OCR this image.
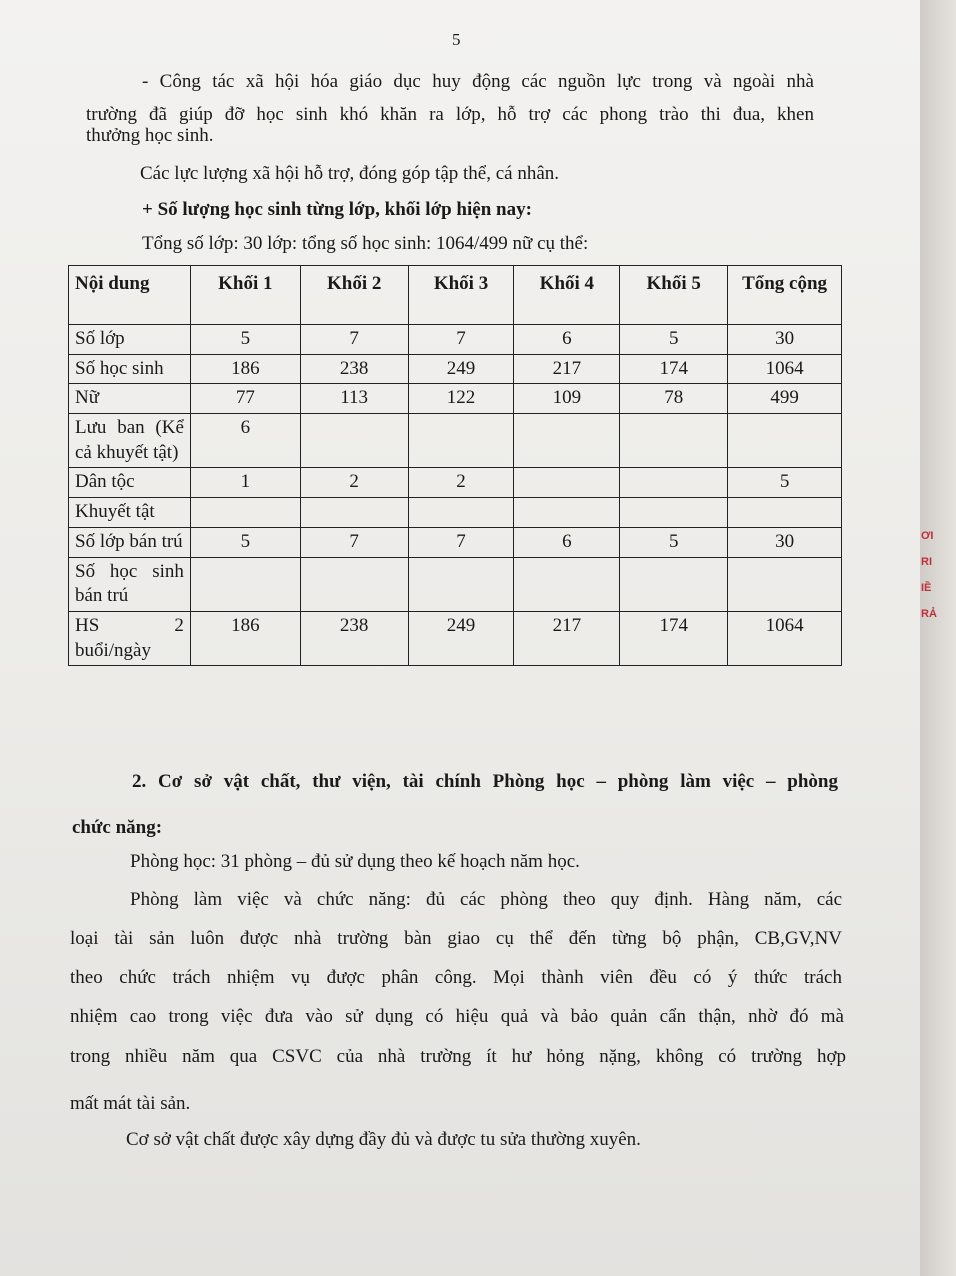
5
- Công tác xã hội hóa giáo dục huy động các nguồn lực trong và ngoài nhà
trường đã giúp đỡ học sinh khó khăn ra lớp, hỗ trợ các phong trào thi đua, khen
thưởng học sinh.
Các lực lượng xã hội hỗ trợ, đóng góp tập thể, cá nhân.
+ Số lượng học sinh từng lớp, khối lớp hiện nay:
Tổng số lớp: 30 lớp: tổng số học sinh: 1064/499 nữ cụ thể:
Nội dung	Khối 1	Khối 2	Khối 3	Khối 4	Khối 5	Tổng cộng
Số lớp	5	7	7	6	5	30
Số học sinh	186	238	249	217	174	1064
Nữ	77	113	122	109	78	499
Lưu ban (Kể cả khuyết tật)	6					
Dân tộc	1	2	2			5
Khuyết tật						
Số lớp bán trú	5	7	7	6	5	30
Số học sinh bán trú						
HS 2 buổi/ngày	186	238	249	217	174	1064
2. Cơ sở vật chất, thư viện, tài chính Phòng học – phòng làm việc – phòng
chức năng:
Phòng học: 31 phòng – đủ sử dụng theo kế hoạch năm học.
Phòng làm việc và chức năng: đủ các phòng theo quy định. Hàng năm, các
loại tài sản luôn được nhà trường bàn giao cụ thể đến từng bộ phận, CB,GV,NV
theo chức trách nhiệm vụ được phân công. Mọi thành viên đều có ý thức trách
nhiệm cao trong việc đưa vào sử dụng có hiệu quả và bảo quản cẩn thận, nhờ đó mà
trong nhiều năm qua CSVC của nhà trường ít hư hỏng nặng, không có trường hợp
mất mát tài sản.
Cơ sở vật chất được xây dựng đầy đủ và được tu sửa thường xuyên.
ƠI
RI
IỀ
RẢ
